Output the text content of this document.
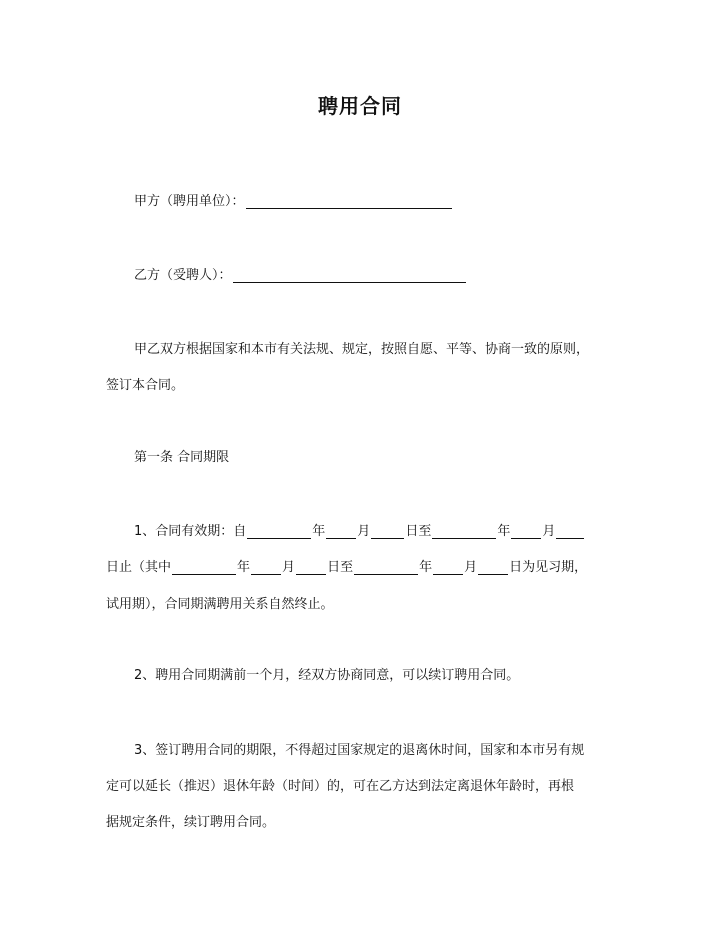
聘用合同
甲方（聘用单位）：
乙方（受聘人）：
甲乙双方根据国家和本市有关法规、规定，按照自愿、平等、协商一致的原则，
签订本合同。
第一条 合同期限
1、合同有效期：自	年 月	日至	年 月
日止（其中	年 月 日至	年 月 日为见习期，
试用期），合同期满聘用关系自然终止。
2、聘用合同期满前一个月，经双方协商同意，可以续订聘用合同。
3、签订聘用合同的期限，不得超过国家规定的退离休时间，国家和本市另有规
定可以延长（推迟）退休年龄（时间）的，可在乙方达到法定离退休年龄时，再根
据规定条件，续订聘用合同。
